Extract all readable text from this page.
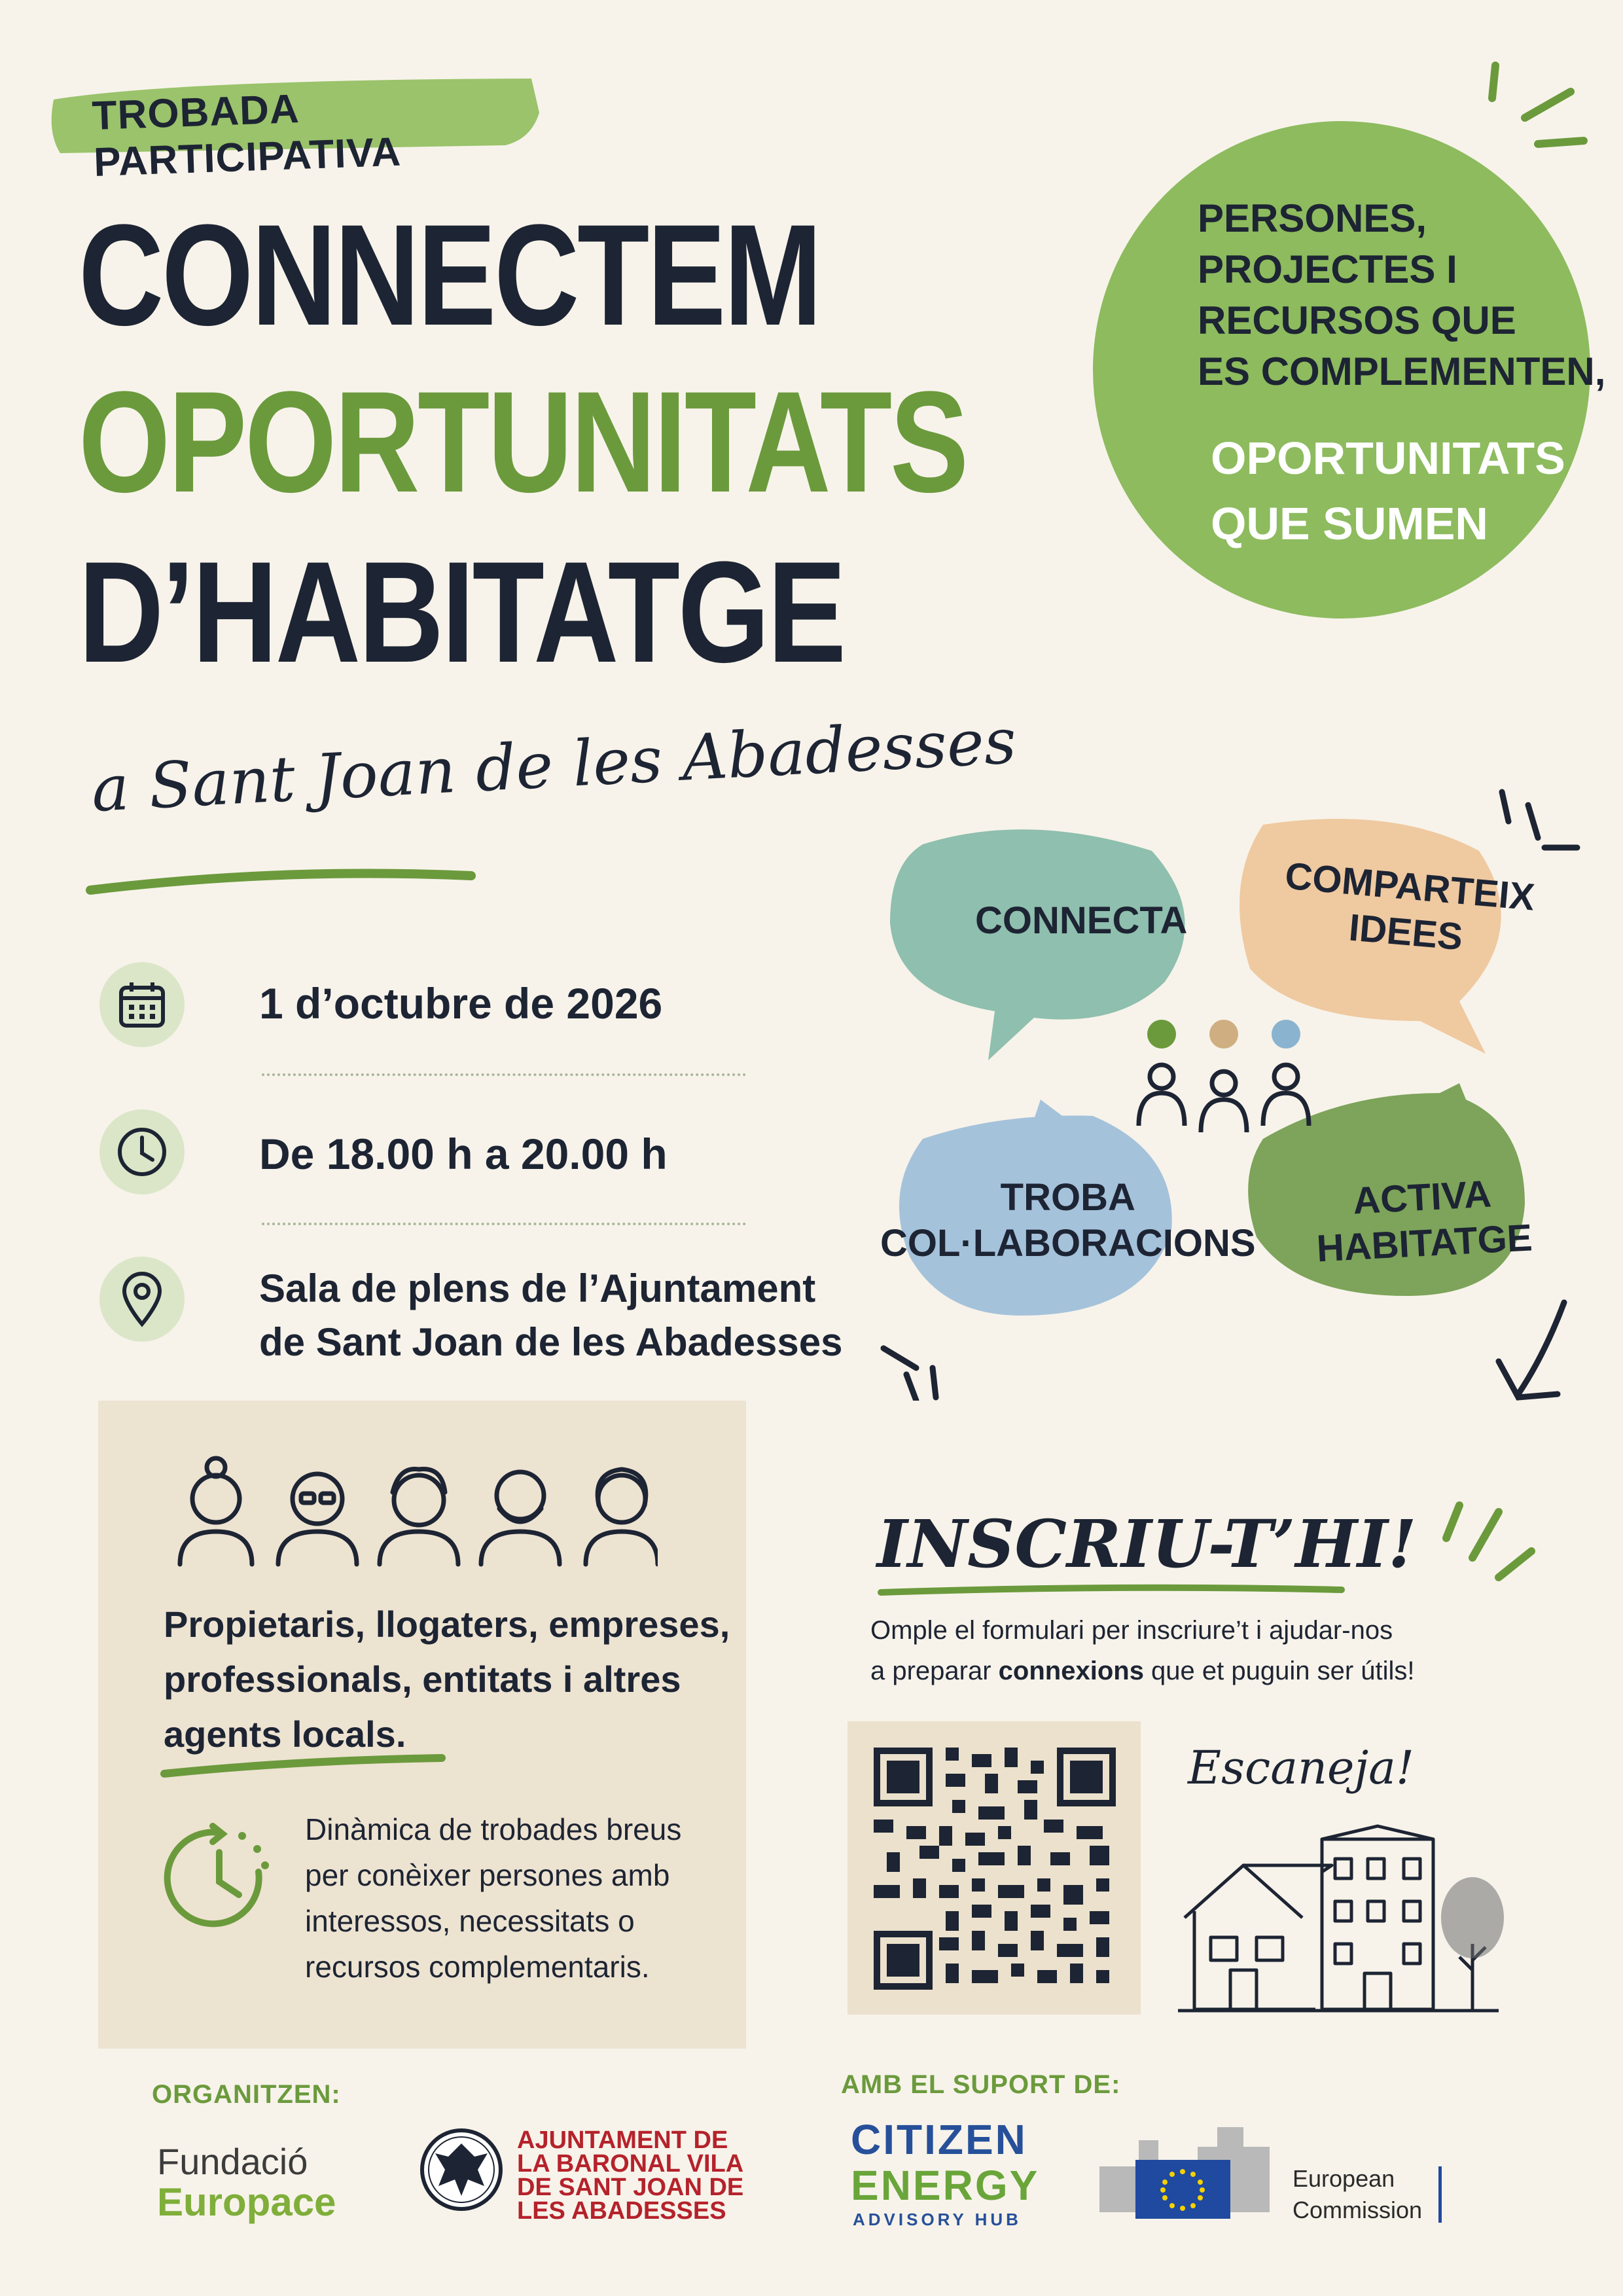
TROBADA PARTICIPATIVA
CONNECTEM
OPORTUNITATS
D’HABITATGE
a Sant Joan de les Abadesses
PERSONES,
PROJECTES I
RECURSOS QUE
ES COMPLEMENTEN,
OPORTUNITATS
QUE SUMEN
1 d’octubre de 2026
De 18.00 h a 20.00 h
Sala de plens de l’Ajuntament
de Sant Joan de les Abadesses
CONNECTA
COMPARTEIX
IDEES
TROBA
COL·LABORACIONS
ACTIVA
HABITATGE
Propietaris, llogaters, empreses,
professionals, entitats i altres
agents locals.
Dinàmica de trobades breus
per conèixer persones amb
interessos, necessitats o
recursos complementaris.
INSCRIU-T’HI!
Omple el formulari per inscriure’t i ajudar-nos
a preparar connexions que et puguin ser útils!
Escaneja!
ORGANITZEN:
Fundació
Europace
AJUNTAMENT DE
LA BARONAL VILA
DE SANT JOAN DE
LES ABADESSES
AMB EL SUPORT DE:
CITIZEN
ENERGY
ADVISORY HUB
European
Commission
